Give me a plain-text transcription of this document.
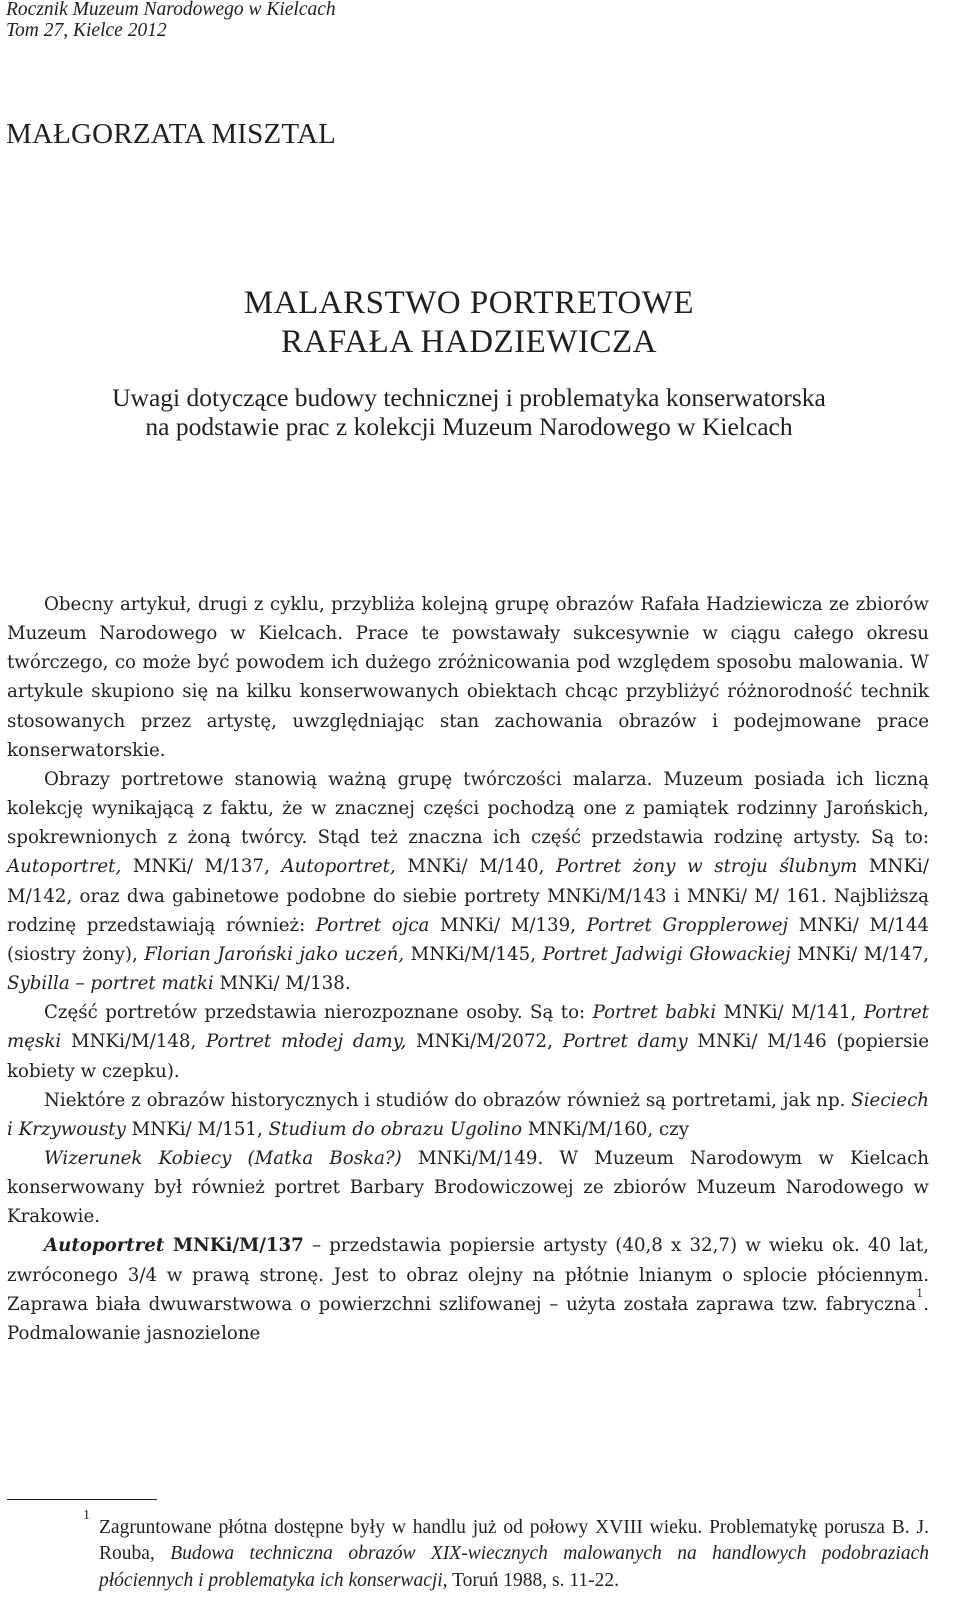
Rocznik Muzeum Narodowego w Kielcach
Tom 27, Kielce 2012
MAŁGORZATA MISZTAL
MALARSTWO PORTRETOWE
RAFAŁA HADZIEWICZA
Uwagi dotyczące budowy technicznej i problematyka konserwatorska
na podstawie prac z kolekcji Muzeum Narodowego w Kielcach

Obecny artykuł, drugi z cyklu, przybliża kolejną grupę obrazów Rafała Hadziewicza ze zbiorów Muzeum Narodowego w Kielcach. Prace te powstawały sukcesywnie w ciągu całego okresu twórczego, co może być powodem ich dużego zróżnicowania pod względem sposobu malowania. W artykule skupiono się na kilku konserwowanych obiektach chcąc przybliżyć różnorodność technik stosowanych przez artystę, uwzględniając stan zachowania obrazów i podejmowane prace konserwatorskie.

Obrazy portretowe stanowią ważną grupę twórczości malarza. Muzeum posiada ich liczną kolekcję wynikającą z faktu, że w znacznej części pochodzą one z pamiątek rodzinny Jarońskich, spokrewnionych z żoną twórcy. Stąd też znaczna ich część przedstawia rodzinę artysty. Są to: Autoportret, MNKi/ M/137, Autoportret, MNKi/ M/140, Portret żony w stroju ślubnym MNKi/ M/142, oraz dwa gabinetowe podobne do siebie portrety MNKi/M/143 i MNKi/ M/ 161. Najbliższą rodzinę przedstawiają również: Portret ojca MNKi/ M/139, Portret Gropplerowej MNKi/ M/144 (siostry żony), Florian Jaroński jako uczeń, MNKi/M/145, Portret Jadwigi Głowackiej MNKi/ M/147, Sybilla – portret matki MNKi/ M/138.

Część portretów przedstawia nierozpoznane osoby. Są to: Portret babki MNKi/ M/141, Portret męski MNKi/M/148, Portret młodej damy, MNKi/M/2072, Portret damy MNKi/ M/146 (popiersie kobiety w czepku).

Niektóre z obrazów historycznych i studiów do obrazów również są portretami, jak np. Sieciech i Krzywousty MNKi/ M/151, Studium do obrazu Ugolino MNKi/M/160, czy

Wizerunek Kobiecy (Matka Boska?) MNKi/M/149. W Muzeum Narodowym w Kielcach konserwowany był również portret Barbary Brodowiczowej ze zbiorów Muzeum Narodowego w Krakowie.

Autoportret MNKi/M/137 – przedstawia popiersie artysty (40,8 x 32,7) w wieku ok. 40 lat, zwróconego 3/4 w prawą stronę. Jest to obraz olejny na płótnie lnianym o splocie płóciennym. Zaprawa biała dwuwarstwowa o powierzchni szlifowanej – użyta została zaprawa tzw. fabryczna$^1$. Podmalowanie jasnozielone

1
Zagruntowane płótna dostępne były w handlu już od połowy XVIII wieku. Problematykę porusza B. J. Rouba, Budowa techniczna obrazów XIX-wiecznych malowanych na handlowych podobraziach płóciennych i problematyka ich konserwacji, Toruń 1988, s. 11-22.
